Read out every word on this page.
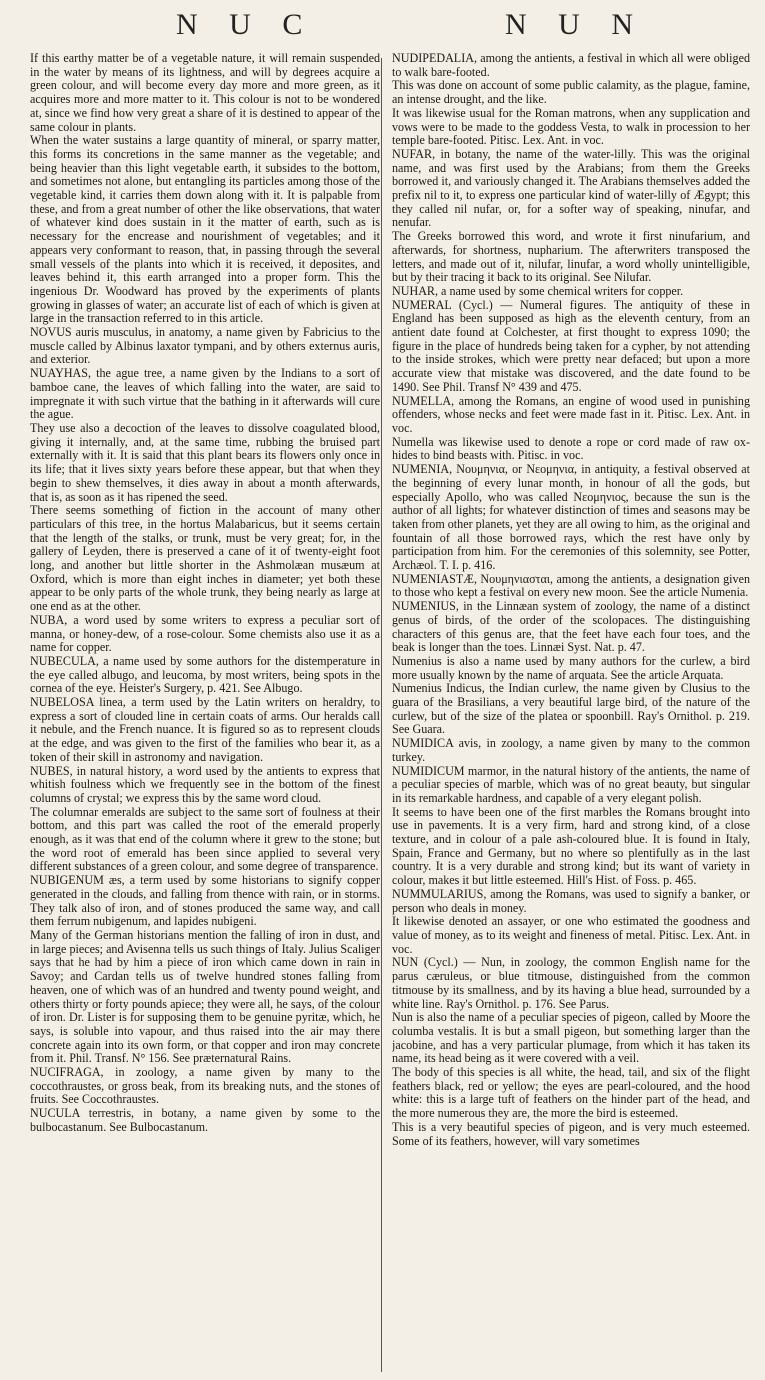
N U C	N U N

If this earthy matter be of a vegetable nature, it will remain suspended in the water by means of its lightness, and will by degrees acquire a green colour, and will become every day more and more green, as it acquires more and more matter to it. This colour is not to be wondered at, since we find how very great a share of it is destined to appear of the same colour in plants.

When the water sustains a large quantity of mineral, or sparry matter, this forms its concretions in the same manner as the vegetable; and being heavier than this light vegetable earth, it subsides to the bottom, and sometimes not alone, but entangling its particles among those of the vegetable kind, it carries them down along with it. It is palpable from these, and from a great number of other the like observations, that water of whatever kind does sustain in it the matter of earth, such as is necessary for the encrease and nourishment of vegetables; and it appears very conformant to reason, that, in passing through the several small vessels of the plants into which it is received, it deposites, and leaves behind it, this earth arranged into a proper form. This the ingenious Dr. Woodward has proved by the experiments of plants growing in glasses of water; an accurate list of each of which is given at large in the transaction referred to in this article.

NOVUS auris musculus, in anatomy, a name given by Fabricius to the muscle called by Albinus laxator tympani, and by others externus auris, and exterior.

NUAYHAS, the ague tree, a name given by the Indians to a sort of bamboe cane, the leaves of which falling into the water, are said to impregnate it with such virtue that the bathing in it afterwards will cure the ague.

They use also a decoction of the leaves to dissolve coagulated blood, giving it internally, and, at the same time, rubbing the bruised part externally with it. It is said that this plant bears its flowers only once in its life; that it lives sixty years before these appear, but that when they begin to shew themselves, it dies away in about a month afterwards, that is, as soon as it has ripened the seed.

There seems something of fiction in the account of many other particulars of this tree, in the hortus Malabaricus, but it seems certain that the length of the stalks, or trunk, must be very great; for, in the gallery of Leyden, there is preserved a cane of it of twenty-eight foot long, and another but little shorter in the Ashmolæan musæum at Oxford, which is more than eight inches in diameter; yet both these appear to be only parts of the whole trunk, they being nearly as large at one end as at the other.

NUBA, a word used by some writers to express a peculiar sort of manna, or honey-dew, of a rose-colour. Some chemists also use it as a name for copper.

NUBECULA, a name used by some authors for the distemperature in the eye called albugo, and leucoma, by most writers, being spots in the cornea of the eye. Heister's Surgery, p. 421. See Albugo.

NUBELOSA linea, a term used by the Latin writers on heraldry, to express a sort of clouded line in certain coats of arms. Our heralds call it nebule, and the French nuance. It is figured so as to represent clouds at the edge, and was given to the first of the families who bear it, as a token of their skill in astronomy and navigation.

NUBES, in natural history, a word used by the antients to express that whitish foulness which we frequently see in the bottom of the finest columns of crystal; we express this by the same word cloud.

The columnar emeralds are subject to the same sort of foulness at their bottom, and this part was called the root of the emerald properly enough, as it was that end of the column where it grew to the stone; but the word root of emerald has been since applied to several very different substances of a green colour, and some degree of transparence.

NUBIGENUM æs, a term used by some historians to signify copper generated in the clouds, and falling from thence with rain, or in storms. They talk also of iron, and of stones produced the same way, and call them ferrum nubigenum, and lapides nubigeni.

Many of the German historians mention the falling of iron in dust, and in large pieces; and Avisenna tells us such things of Italy. Julius Scaliger says that he had by him a piece of iron which came down in rain in Savoy; and Cardan tells us of twelve hundred stones falling from heaven, one of which was of an hundred and twenty pound weight, and others thirty or forty pounds apiece; they were all, he says, of the colour of iron. Dr. Lister is for supposing them to be genuine pyritæ, which, he says, is soluble into vapour, and thus raised into the air may there concrete again into its own form, or that copper and iron may concrete from it. Phil. Transf. N° 156. See præternatural Rains.

NUCIFRAGA, in zoology, a name given by many to the coccothraustes, or gross beak, from its breaking nuts, and the stones of fruits. See Coccothraustes.

NUCULA terrestris, in botany, a name given by some to the bulbocastanum. See Bulbocastanum.

NUDIPEDALIA, among the antients, a festival in which all were obliged to walk bare-footed.

This was done on account of some public calamity, as the plague, famine, an intense drought, and the like.

It was likewise usual for the Roman matrons, when any supplication and vows were to be made to the goddess Vesta, to walk in procession to her temple bare-footed. Pitisc. Lex. Ant. in voc.

NUFAR, in botany, the name of the water-lilly. This was the original name, and was first used by the Arabians; from them the Greeks borrowed it, and variously changed it. The Arabians themselves added the prefix nil to it, to express one particular kind of water-lilly of Ægypt; this they called nil nufar, or, for a softer way of speaking, ninufar, and nenufar.

The Greeks borrowed this word, and wrote it first ninufarium, and afterwards, for shortness, nupharium. The afterwriters transposed the letters, and made out of it, nilufar, linufar, a word wholly unintelligible, but by their tracing it back to its original. See Nilufar.

NUHAR, a name used by some chemical writers for copper.

NUMERAL (Cycl.) — Numeral figures. The antiquity of these in England has been supposed as high as the eleventh century, from an antient date found at Colchester, at first thought to express 1090; the figure in the place of hundreds being taken for a cypher, by not attending to the inside strokes, which were pretty near defaced; but upon a more accurate view that mistake was discovered, and the date found to be 1490. See Phil. Transf N° 439 and 475.

NUMELLA, among the Romans, an engine of wood used in punishing offenders, whose necks and feet were made fast in it. Pitisc. Lex. Ant. in voc.

Numella was likewise used to denote a rope or cord made of raw ox-hides to bind beasts with. Pitisc. in voc.

NUMENIA, Νουμηνια, or Νεομηνια, in antiquity, a festival observed at the beginning of every lunar month, in honour of all the gods, but especially Apollo, who was called Νεομηνιος, because the sun is the author of all lights; for whatever distinction of times and seasons may be taken from other planets, yet they are all owing to him, as the original and fountain of all those borrowed rays, which the rest have only by participation from him. For the ceremonies of this solemnity, see Potter, Archæol. T. I. p. 416.

NUMENIASTÆ, Νουμηνιασται, among the antients, a designation given to those who kept a festival on every new moon. See the article Numenia.

NUMENIUS, in the Linnæan system of zoology, the name of a distinct genus of birds, of the order of the scolopaces. The distinguishing characters of this genus are, that the feet have each four toes, and the beak is longer than the toes. Linnæi Syst. Nat. p. 47.

Numenius is also a name used by many authors for the curlew, a bird more usually known by the name of arquata. See the article Arquata.

Numenius Indicus, the Indian curlew, the name given by Clusius to the guara of the Brasilians, a very beautiful large bird, of the nature of the curlew, but of the size of the platea or spoonbill. Ray's Ornithol. p. 219. See Guara.

NUMIDICA avis, in zoology, a name given by many to the common turkey.

NUMIDICUM marmor, in the natural history of the antients, the name of a peculiar species of marble, which was of no great beauty, but singular in its remarkable hardness, and capable of a very elegant polish.

It seems to have been one of the first marbles the Romans brought into use in pavements. It is a very firm, hard and strong kind, of a close texture, and in colour of a pale ash-coloured blue. It is found in Italy, Spain, France and Germany, but no where so plentifully as in the last country. It is a very durable and strong kind; but its want of variety in colour, makes it but little esteemed. Hill's Hist. of Foss. p. 465.

NUMMULARIUS, among the Romans, was used to signify a banker, or person who deals in money.

It likewise denoted an assayer, or one who estimated the goodness and value of money, as to its weight and fineness of metal. Pitisc. Lex. Ant. in voc.

NUN (Cycl.) — Nun, in zoology, the common English name for the parus cæruleus, or blue titmouse, distinguished from the common titmouse by its smallness, and by its having a blue head, surrounded by a white line. Ray's Ornithol. p. 176. See Parus.

Nun is also the name of a peculiar species of pigeon, called by Moore the columba vestalis. It is but a small pigeon, but something larger than the jacobine, and has a very particular plumage, from which it has taken its name, its head being as it were covered with a veil.

The body of this species is all white, the head, tail, and six of the flight feathers black, red or yellow; the eyes are pearl-coloured, and the hood white: this is a large tuft of feathers on the hinder part of the head, and the more numerous they are, the more the bird is esteemed.

This is a very beautiful species of pigeon, and is very much esteemed. Some of its feathers, however, will vary sometimes
